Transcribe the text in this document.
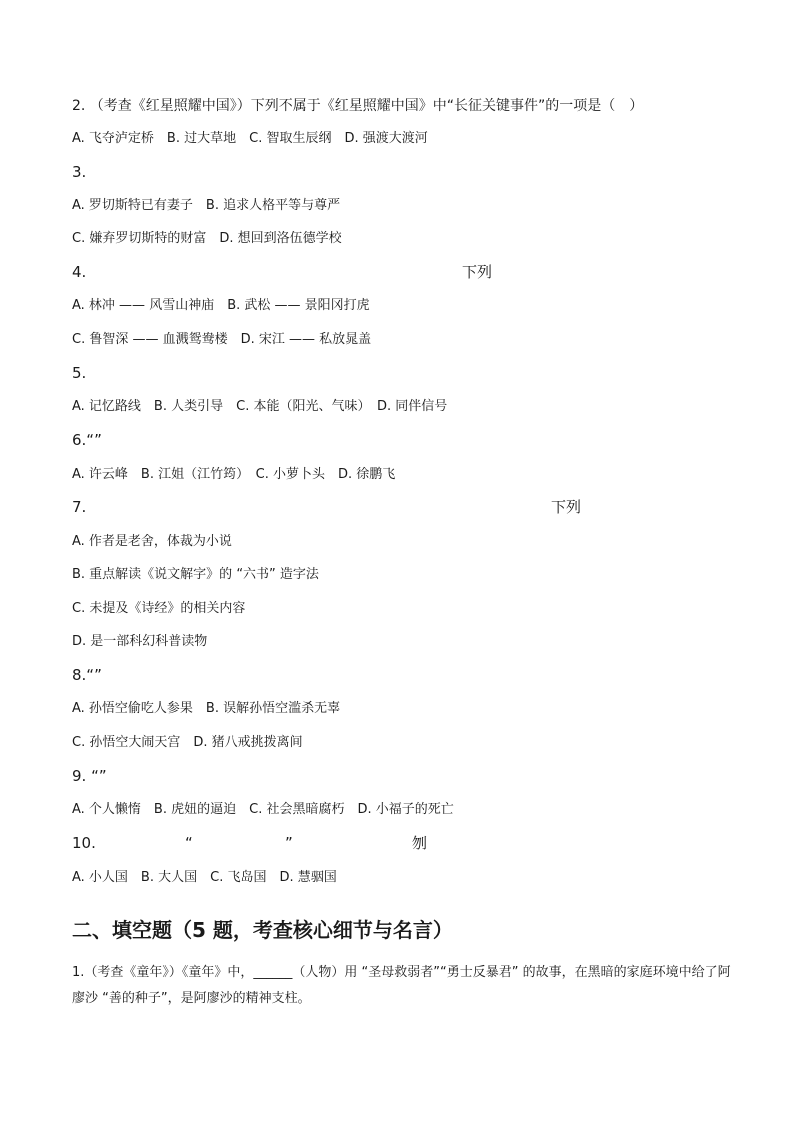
2. （考查《红星照耀中国》）下列不属于《红星照耀中国》中“长征关键事件”的一项是（　）
A. 飞夺泸定桥　B. 过大草地　C. 智取生辰纲　D. 强渡大渡河
3.
A. 罗切斯特已有妻子　B. 追求人格平等与尊严
C. 嫌弃罗切斯特的财富　D. 想回到洛伍德学校
4.	下列
A. 林冲 —— 风雪山神庙　B. 武松 —— 景阳冈打虎
C. 鲁智深 —— 血溅鸳鸯楼　D. 宋江 —— 私放晁盖
5.
A. 记忆路线　B. 人类引导　C. 本能（阳光、气味）　D. 同伴信号
6.“”
A. 许云峰　B. 江姐（江竹筠）　C. 小萝卜头　D. 徐鹏飞
7.	下列
A. 作者是老舍，体裁为小说
B. 重点解读《说文解字》的 “六书” 造字法
C. 未提及《诗经》的相关内容
D. 是一部科幻科普读物
8.“”
A. 孙悟空偷吃人参果　B. 误解孙悟空滥杀无辜
C. 孙悟空大闹天宫　D. 猪八戒挑拨离间
9. “”
A. 个人懒惰　B. 虎妞的逼迫　C. 社会黑暗腐朽　D. 小福子的死亡
10.	“	”	刎
A. 小人国　B. 大人国　C. 飞岛国　D. 慧骃国
二、填空题（5 题，考查核心细节与名言）
1.（考查《童年》）《童年》中，______（人物）用 “圣母救弱者”“勇士反暴君” 的故事，在黑暗的家庭环境中给了阿廖沙 “善的种子”，是阿廖沙的精神支柱。
